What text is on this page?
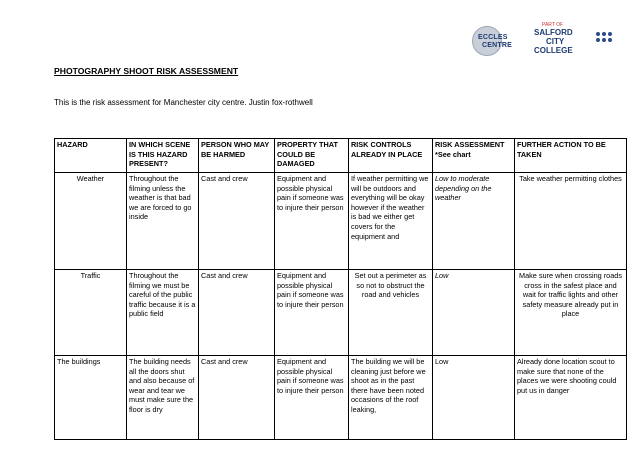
ECCLES
CENTRE
PART OF
SALFORD
CITY
COLLEGE
PHOTOGRAPHY SHOOT RISK ASSESSMENT
This is the risk assessment for Manchester city centre. Justin fox-rothwell
HAZARD	IN WHICH SCENE IS THIS HAZARD PRESENT?	PERSON WHO MAY BE HARMED	PROPERTY THAT COULD BE DAMAGED	RISK CONTROLS ALREADY IN PLACE	RISK ASSESSMENT *See chart	FURTHER ACTION TO BE TAKEN
Weather	Throughout the filming unless the weather is that bad we are forced to go inside	Cast and crew	Equipment and possible physical pain if someone was to injure their person	If weather permitting we will be outdoors and everything will be okay however if the weather is bad we either get covers for the equipment and	Low to moderate depending on the weather	Take weather permitting clothes
Traffic	Throughout the filming we must be careful of the public traffic because it is a public field	Cast and crew	Equipment and possible physical pain if someone was to injure their person	Set out a perimeter as so not to obstruct the road and vehicles	Low	Make sure when crossing roads cross in the safest place and wait for traffic lights and other safety measure already put in place
The buildings	The building needs all the doors shut and also because of wear and tear we must make sure the floor is dry	Cast and crew	Equipment and possible physical pain if someone was to injure their person	The building we will be cleaning just before we shoot as in the past there have been noted occasions of the roof leaking,	Low	Already done location scout to make sure that none of the places we were shooting could put us in danger
